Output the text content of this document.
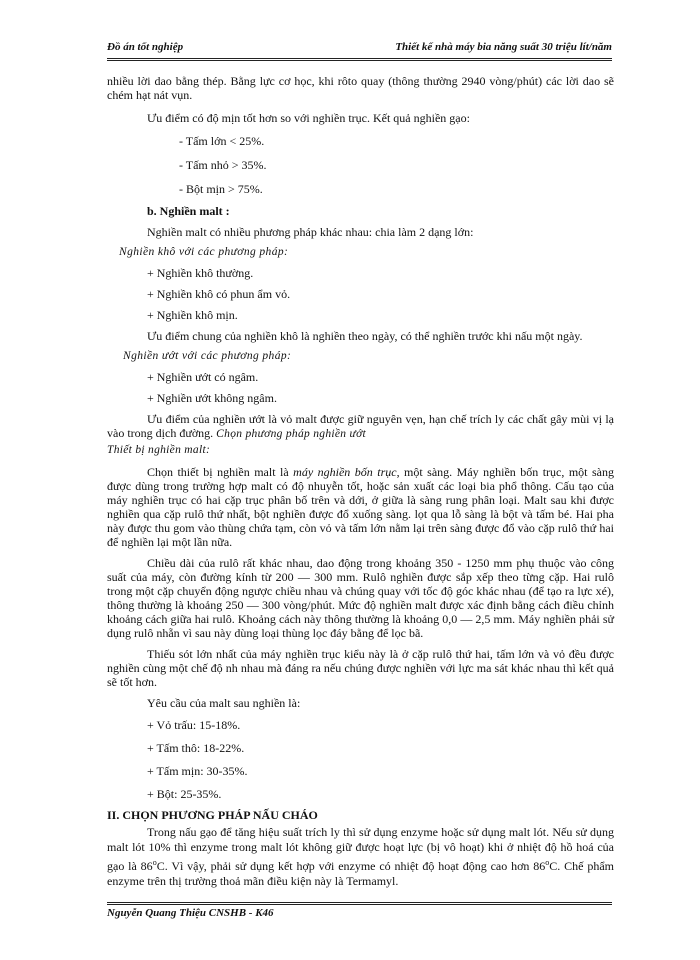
Đồ án tốt nghiệp	Thiết kế nhà máy bia năng suất 30 triệu lít/năm

nhiều lời dao bằng thép. Bằng lực cơ học, khi rôto quay (thông thường 2940 vòng/phút) các lời dao sẽ chém hạt nát vụn.

Ưu điểm có độ mịn tốt hơn so với nghiền trục. Kết quả nghiền gạo:

- Tấm lớn < 25%.

- Tấm nhỏ > 35%.

- Bột mịn > 75%.

b. Nghiền malt :

Nghiền malt có nhiều phương pháp khác nhau: chia làm 2 dạng lớn:

Nghiền khô với các phương pháp:

+ Nghiền khô thường.

+ Nghiền khô có phun ẩm vỏ.

+ Nghiền khô mịn.

Ưu điểm chung của nghiền khô là nghiền theo ngày, có thể nghiền trước khi nấu một ngày.

Nghiền ướt với các phương pháp:

+ Nghiền ướt có ngâm.

+ Nghiền ướt không ngâm.

Ưu điểm của nghiền ướt là vỏ malt được giữ nguyên vẹn, hạn chế trích ly các chất gây mùi vị lạ vào trong dịch đường. Chọn phương pháp nghiền ướt

Thiết bị nghiền malt:

Chọn thiết bị nghiền malt là máy nghiền bốn trục, một sàng. Máy nghiền bốn trục, một sàng được dùng trong trường hợp malt có độ nhuyễn tốt, hoặc sản xuất các loại bia phổ thông. Cấu tạo của máy nghiền trục có hai cặp trục phân bố trên và dới, ở giữa là sàng rung phân loại. Malt sau khi được nghiền qua cặp rulô thứ nhất, bột nghiền được đổ xuống sàng. lọt qua lỗ sàng là bột và tấm bé. Hai pha này được thu gom vào thùng chứa tạm, còn vỏ và tấm lớn nằm lại trên sàng được đổ vào cặp rulô thứ hai để nghiền lại một lần nữa.

Chiều dài của rulô rất khác nhau, dao động trong khoảng 350 - 1250 mm phụ thuộc vào công suất của máy, còn đường kính từ 200 — 300 mm. Rulô nghiền được sắp xếp theo từng cặp. Hai rulô trong một cặp chuyển động ngược chiều nhau và chúng quay với tốc độ góc khác nhau (để tạo ra lực xé), thông thường là khoảng 250 — 300 vòng/phút. Mức độ nghiền malt được xác định bằng cách điều chỉnh khoảng cách giữa hai rulô. Khoảng cách này thông thường là khoảng 0,0 — 2,5 mm. Máy nghiền phải sử dụng rulô nhẵn vì sau này dùng loại thùng lọc đáy bằng để lọc bã.

Thiếu sót lớn nhất của máy nghiền trục kiểu này là ở cặp rulô thứ hai, tấm lớn và vỏ đều được nghiền cùng một chế độ nh nhau mà đáng ra nếu chúng được nghiền với lực ma sát khác nhau thì kết quả sẽ tốt hơn.

Yêu cầu của malt sau nghiền là:

+ Vỏ trấu: 15-18%.

+ Tấm thô: 18-22%.

+ Tấm mịn: 30-35%.

+ Bột: 25-35%.

II. CHỌN PHƯƠNG PHÁP NẤU CHÁO

Trong nấu gạo để tăng hiệu suất trích ly thì sử dụng enzyme hoặc sử dụng malt lót. Nếu sử dụng malt lót 10% thì enzyme trong malt lót không giữ được hoạt lực (bị vô hoạt) khi ở nhiệt độ hồ hoá của gạo là 86$^o$C. Vì vậy, phải sử dụng kết hợp với enzyme có nhiệt độ hoạt động cao hơn 86$^o$C. Chế phẩm enzyme trên thị trường thoả mãn điều kiện này là Termamyl.

Nguyễn Quang Thiệu CNSHB - K46
